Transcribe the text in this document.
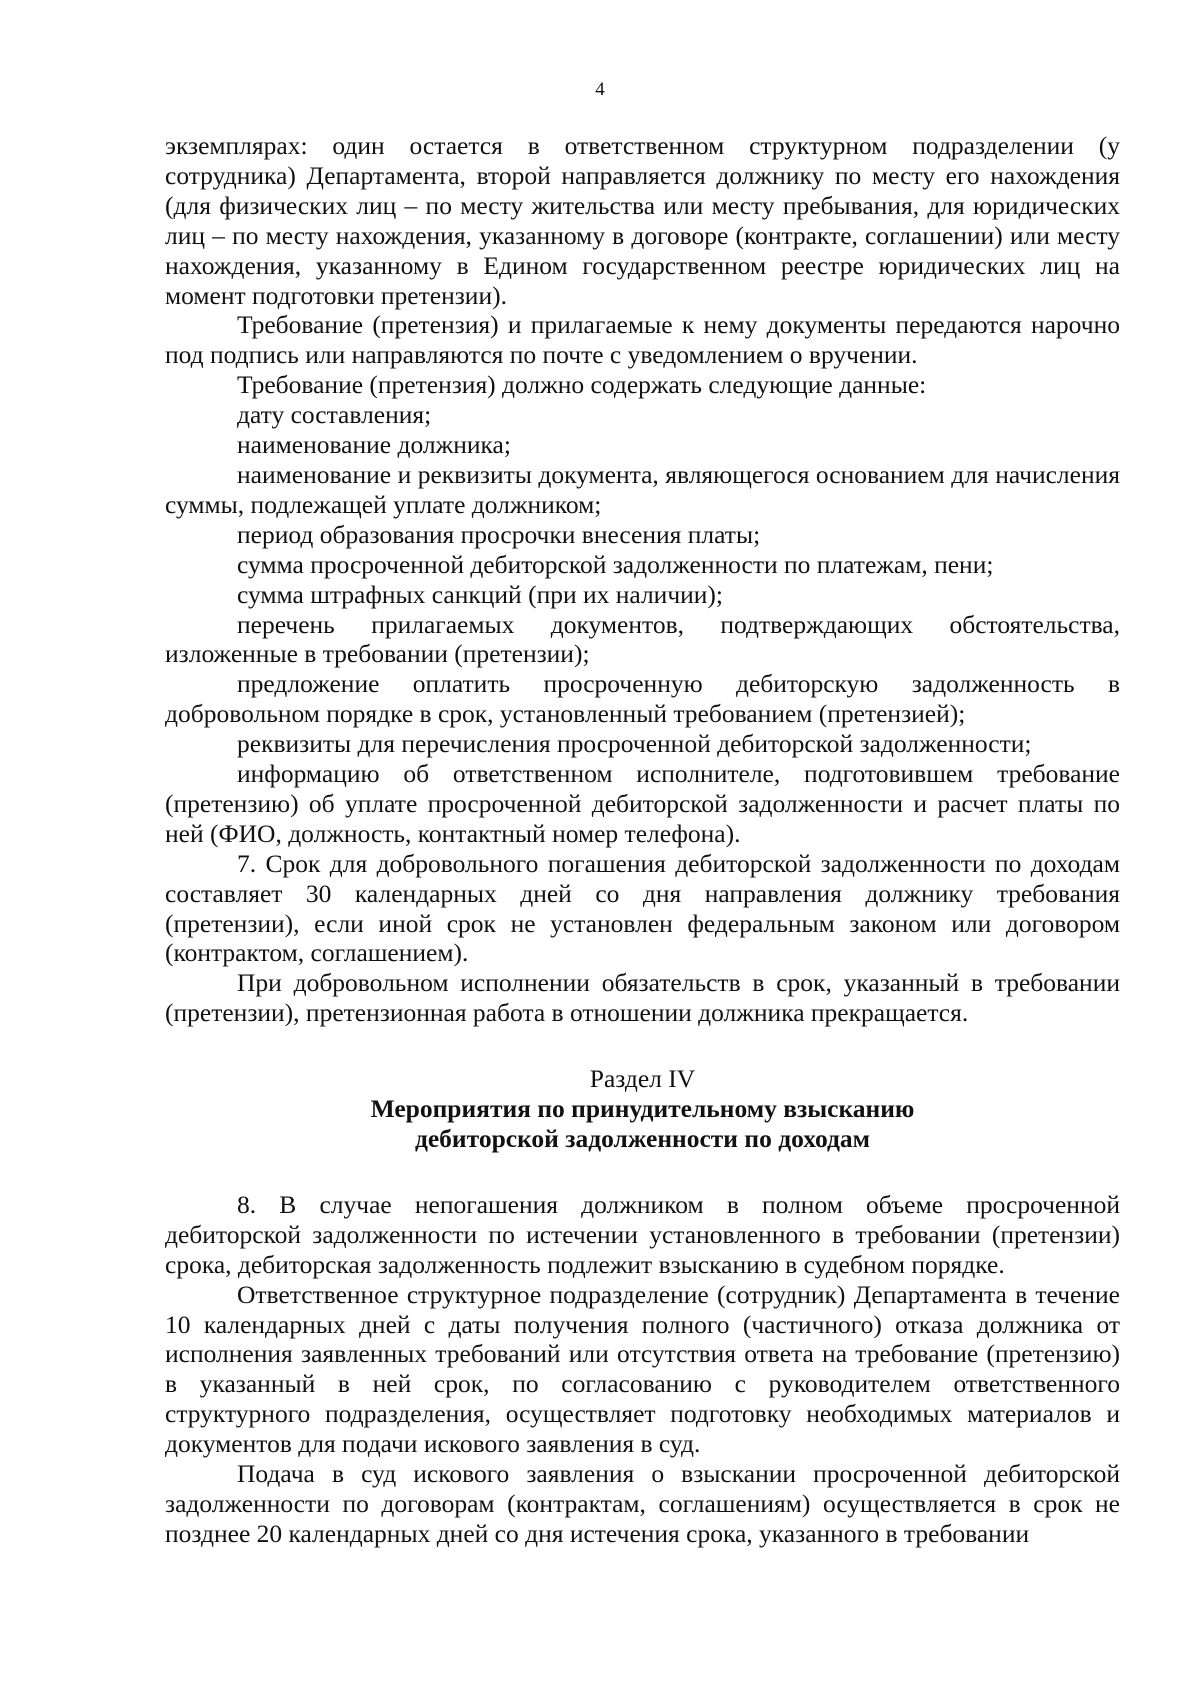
4

экземплярах: один остается в ответственном структурном подразделении (у сотрудника) Департамента, второй направляется должнику по месту его нахождения (для физических лиц – по месту жительства или месту пребывания, для юридических лиц – по месту нахождения, указанному в договоре (контракте, соглашении) или месту нахождения, указанному в Едином государственном реестре юридических лиц на момент подготовки претензии).

Требование (претензия) и прилагаемые к нему документы передаются нарочно под подпись или направляются по почте с уведомлением о вручении.

Требование (претензия) должно содержать следующие данные:

дату составления;

наименование должника;

наименование и реквизиты документа, являющегося основанием для начисления суммы, подлежащей уплате должником;

период образования просрочки внесения платы;

сумма просроченной дебиторской задолженности по платежам, пени;

сумма штрафных санкций (при их наличии);

перечень прилагаемых документов, подтверждающих обстоятельства, изложенные в требовании (претензии);

предложение оплатить просроченную дебиторскую задолженность в добровольном порядке в срок, установленный требованием (претензией);

реквизиты для перечисления просроченной дебиторской задолженности;

информацию об ответственном исполнителе, подготовившем требование (претензию) об уплате просроченной дебиторской задолженности и расчет платы по ней (ФИО, должность, контактный номер телефона).

7. Срок для добровольного погашения дебиторской задолженности по доходам составляет 30 календарных дней со дня направления должнику требования (претензии), если иной срок не установлен федеральным законом или договором (контрактом, соглашением).

При добровольном исполнении обязательств в срок, указанный в требовании (претензии), претензионная работа в отношении должника прекращается.

Раздел IV
Мероприятия по принудительному взысканию
дебиторской задолженности по доходам

8. В случае непогашения должником в полном объеме просроченной дебиторской задолженности по истечении установленного в требовании (претензии) срока, дебиторская задолженность подлежит взысканию в судебном порядке.

Ответственное структурное подразделение (сотрудник) Департамента в течение 10 календарных дней с даты получения полного (частичного) отказа должника от исполнения заявленных требований или отсутствия ответа на требование (претензию) в указанный в ней срок, по согласованию с руководителем ответственного структурного подразделения, осуществляет подготовку необходимых материалов и документов для подачи искового заявления в суд.

Подача в суд искового заявления о взыскании просроченной дебиторской задолженности по договорам (контрактам, соглашениям) осуществляется в срок не позднее 20 календарных дней со дня истечения срока, указанного в требовании
